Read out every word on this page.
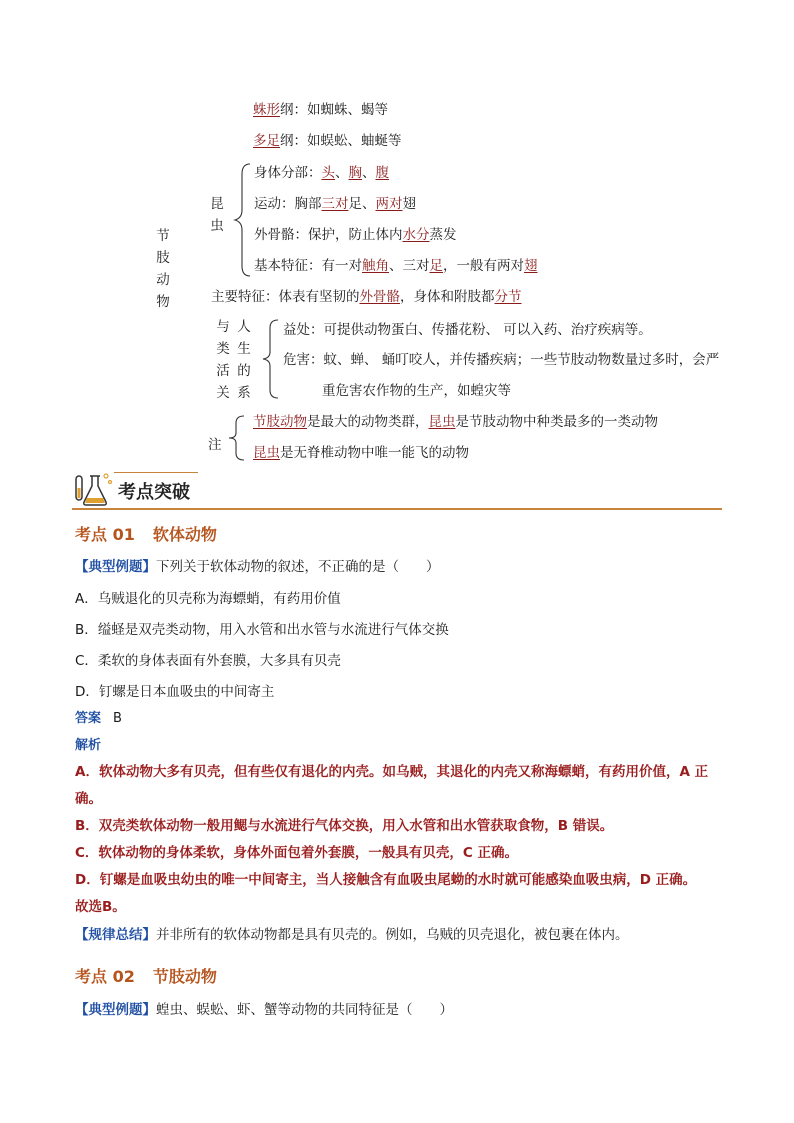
蛛形纲：如蜘蛛、蝎等
多足纲：如蜈蚣、蚰蜒等
节肢动物
昆虫
身体分部：头、胸、腹
运动：胸部三对足、两对翅
外骨骼：保护，防止体内水分蒸发
基本特征：有一对触角、三对足，一般有两对翅
主要特征：体表有坚韧的外骨骼，身体和附肢都分节
与类活关
人生的系
益处：可提供动物蛋白、传播花粉、 可以入药、治疗疾病等。
危害：蚊、蝉、 蛹叮咬人，并传播疾病；一些节肢动物数量过多时，会严
重危害农作物的生产，如蝗灾等
注
节肢动物是最大的动物类群，昆虫是节肢动物中种类最多的一类动物
昆虫是无脊椎动物中唯一能飞的动物
考点突破
考点 01 软体动物
【典型例题】下列关于软体动物的叙述，不正确的是（　　）
A．乌贼退化的贝壳称为海螵蛸，有药用价值
B．缢蛏是双壳类动物，用入水管和出水管与水流进行气体交换
C．柔软的身体表面有外套膜，大多具有贝壳
D．钉螺是日本血吸虫的中间寄主
答案 B
解析
A．软体动物大多有贝壳，但有些仅有退化的内壳。如乌贼，其退化的内壳又称海螵蛸，有药用价值，A 正确。
B．双壳类软体动物一般用鳃与水流进行气体交换，用入水管和出水管获取食物，B 错误。
C．软体动物的身体柔软，身体外面包着外套膜，一般具有贝壳，C 正确。
D．钉螺是血吸虫幼虫的唯一中间寄主，当人接触含有血吸虫尾蚴的水时就可能感染血吸虫病，D 正确。
故选B。
【规律总结】并非所有的软体动物都是具有贝壳的。例如，乌贼的贝壳退化，被包裹在体内。
考点 02 节肢动物
【典型例题】蝗虫、蜈蚣、虾、蟹等动物的共同特征是（　　）
